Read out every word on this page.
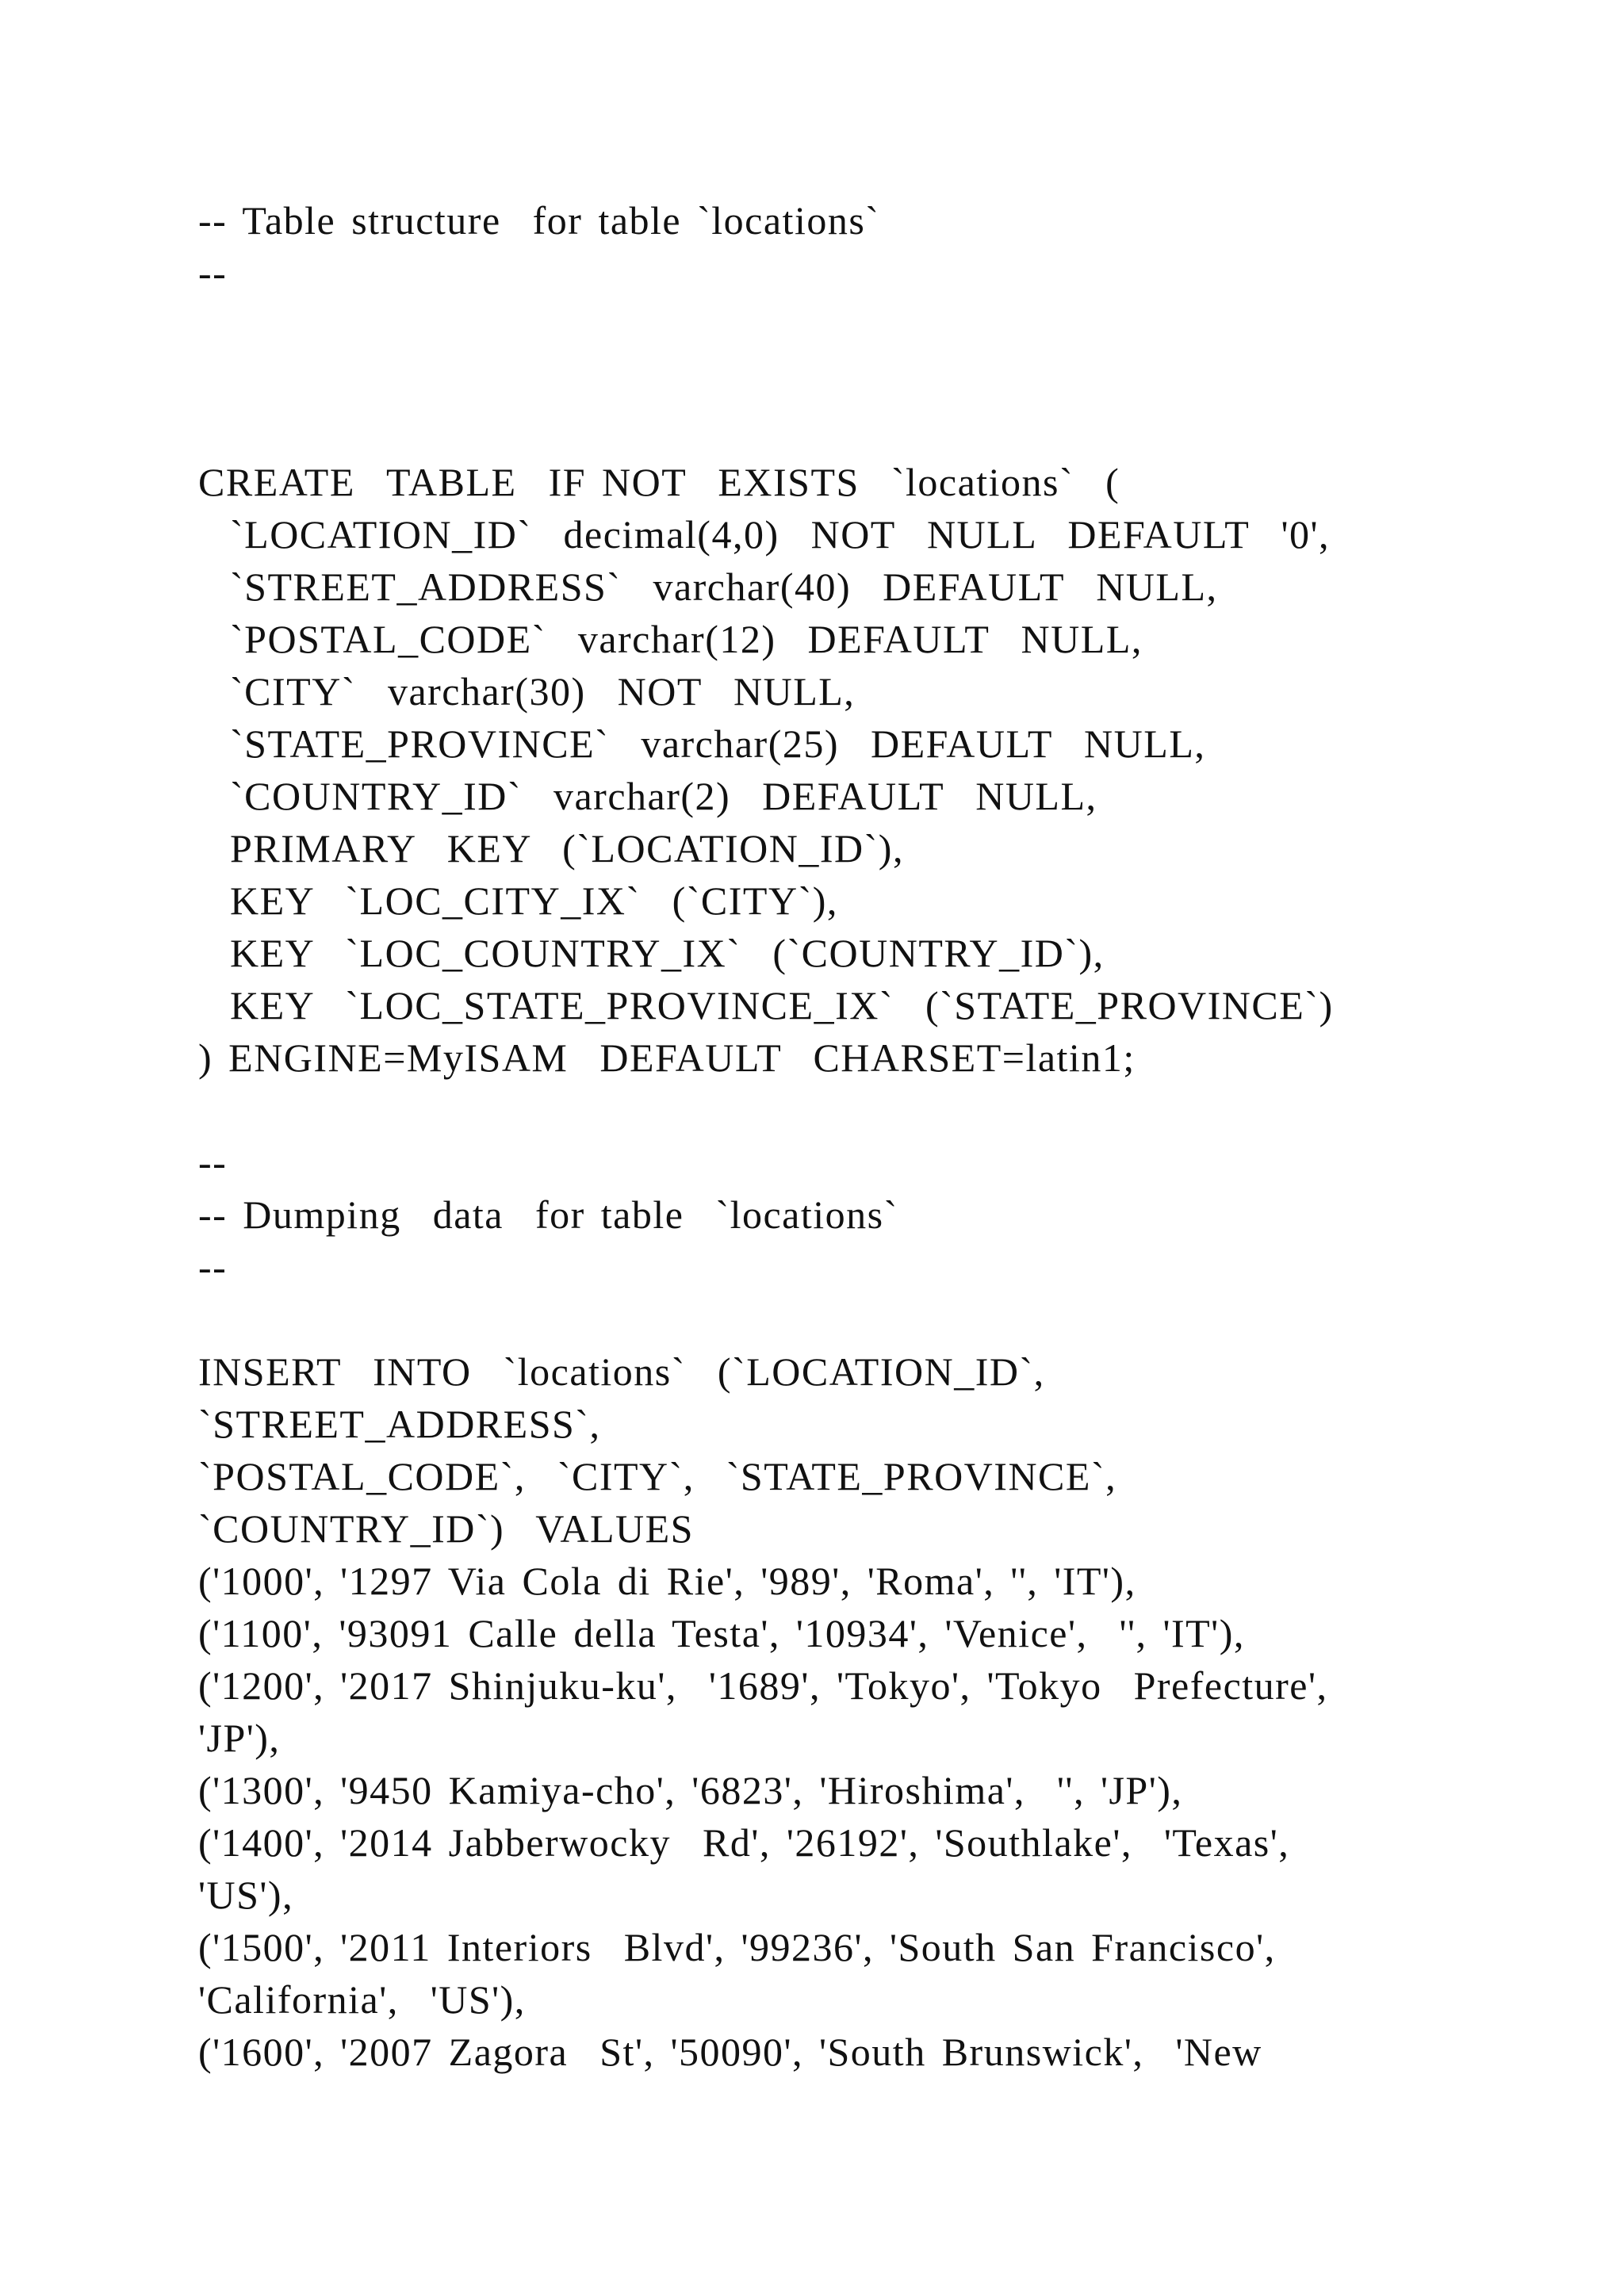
-- Table structure  for table `locations`

--

CREATE  TABLE  IF NOT  EXISTS  `locations`  (

`LOCATION_ID`  decimal(4,0)  NOT  NULL  DEFAULT  '0',

`STREET_ADDRESS`  varchar(40)  DEFAULT  NULL,

`POSTAL_CODE`  varchar(12)  DEFAULT  NULL,

`CITY`  varchar(30)  NOT  NULL,

`STATE_PROVINCE`  varchar(25)  DEFAULT  NULL,

`COUNTRY_ID`  varchar(2)  DEFAULT  NULL,

PRIMARY  KEY  (`LOCATION_ID`),

KEY  `LOC_CITY_IX`  (`CITY`),

KEY  `LOC_COUNTRY_IX`  (`COUNTRY_ID`),

KEY  `LOC_STATE_PROVINCE_IX`  (`STATE_PROVINCE`)

) ENGINE=MyISAM  DEFAULT  CHARSET=latin1;

--

-- Dumping  data  for table  `locations`

--

INSERT  INTO  `locations`  (`LOCATION_ID`,

`STREET_ADDRESS`,

`POSTAL_CODE`,  `CITY`,  `STATE_PROVINCE`,

`COUNTRY_ID`)  VALUES

('1000', '1297 Via Cola di Rie', '989', 'Roma', '', 'IT'),

('1100', '93091 Calle della Testa', '10934', 'Venice',  '', 'IT'),

('1200', '2017 Shinjuku-ku',  '1689', 'Tokyo', 'Tokyo  Prefecture',

'JP'),

('1300', '9450 Kamiya-cho', '6823', 'Hiroshima',  '', 'JP'),

('1400', '2014 Jabberwocky  Rd', '26192', 'Southlake',  'Texas',

'US'),

('1500', '2011 Interiors  Blvd', '99236', 'South San Francisco',

'California',  'US'),

('1600', '2007 Zagora  St', '50090', 'South Brunswick',  'New
